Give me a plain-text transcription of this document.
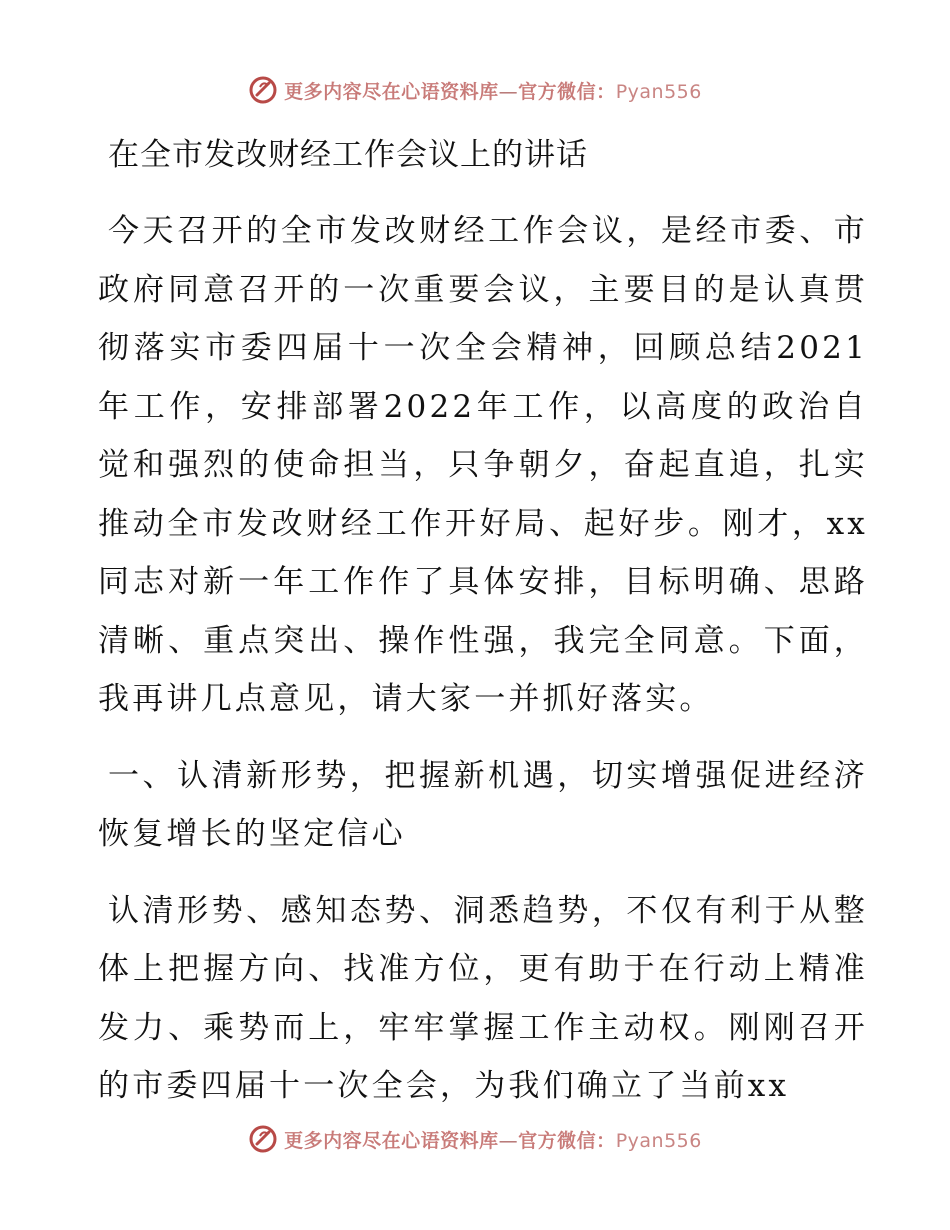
更多内容尽在心语资料库—官方微信：Pyan556
在全市发改财经工作会议上的讲话

今天召开的全市发改财经工作会议，是经市委、市政府同意召开的一次重要会议，主要目的是认真贯彻落实市委四届十一次全会精神，回顾总结2021年工作，安排部署2022年工作，以高度的政治自觉和强烈的使命担当，只争朝夕，奋起直追，扎实推动全市发改财经工作开好局、起好步。刚才，xx同志对新一年工作作了具体安排，目标明确、思路清晰、重点突出、操作性强，我完全同意。下面，我再讲几点意见，请大家一并抓好落实。

一、认清新形势，把握新机遇，切实增强促进经济恢复增长的坚定信心

认清形势、感知态势、洞悉趋势，不仅有利于从整体上把握方向、找准方位，更有助于在行动上精准发力、乘势而上，牢牢掌握工作主动权。刚刚召开的市委四届十一次全会，为我们确立了当前xx

更多内容尽在心语资料库—官方微信：Pyan556
